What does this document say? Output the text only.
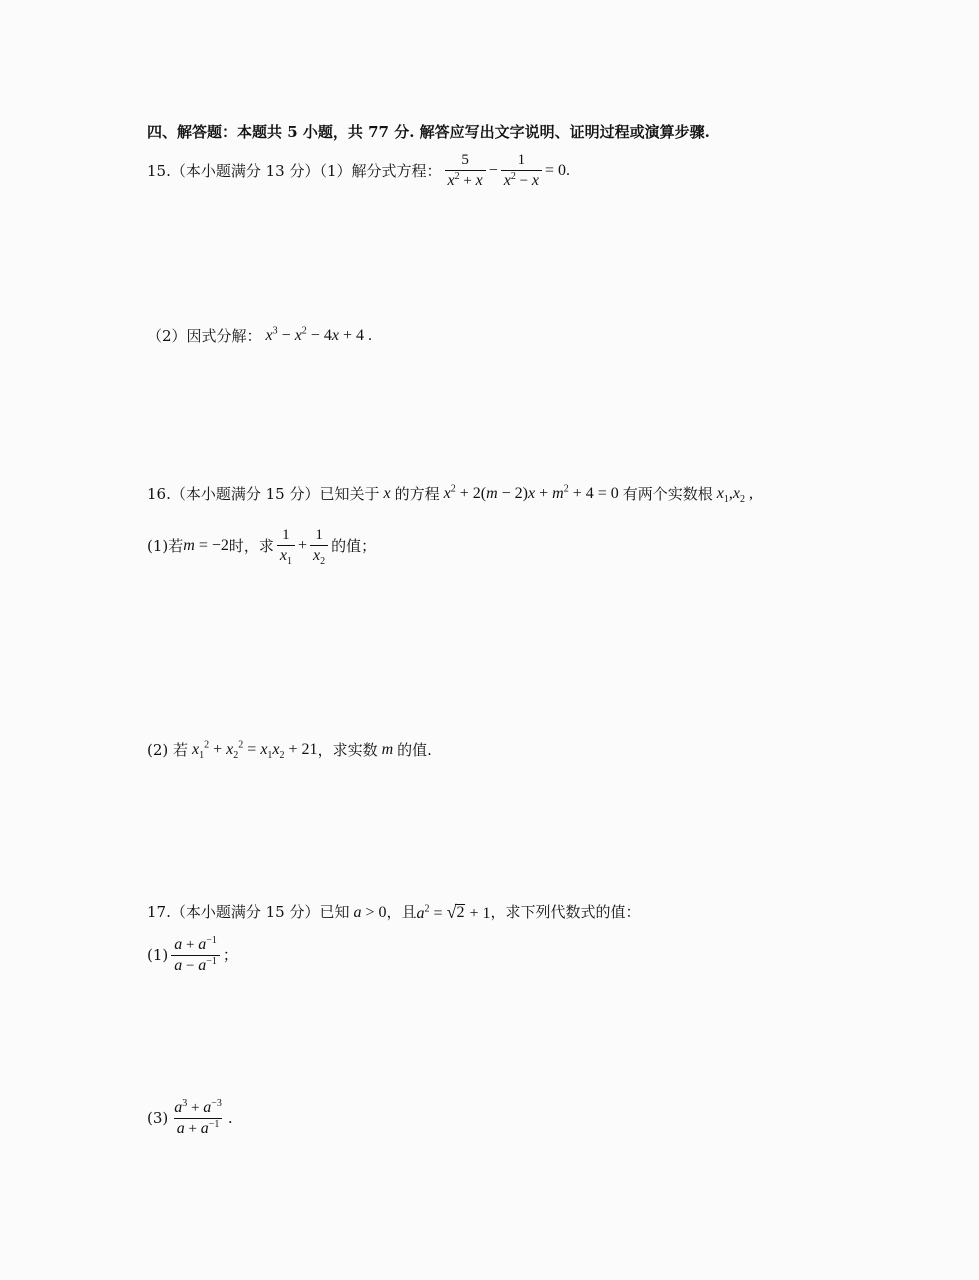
四、解答题：本题共 5 小题，共 77 分. 解答应写出文字说明、证明过程或演算步骤.
15.（本小题满分 13 分）（1）解分式方程： $\frac{5}{x^2 + x} - \frac{1}{x^2 - x} = 0$.
（2）因式分解： $x^3 - x^2 - 4x + 4$ .
16.（本小题满分 15 分）已知关于 x 的方程 $x^2 + 2(m - 2)x + m^2 + 4 = 0$ 有两个实数根 $x_1,x_2$ ,
(1)若 m = −2 时，求 $\frac{1}{x_1} + \frac{1}{x_2}$ 的值；
(2) 若 $x_1^2 + x_2^2 = x_1x_2 + 21$ ，求实数 m 的值.
17.（本小题满分 15 分）已知 a > 0 ，且 $a^2$ = √ 2 + 1 ，求下列代数式的值：
$(1) \frac{a + a^{-1}}{a - a^{-1}}$ ；
$(3) \frac{a^3 + a^{-3}}{a + a^{-1}}$ .
